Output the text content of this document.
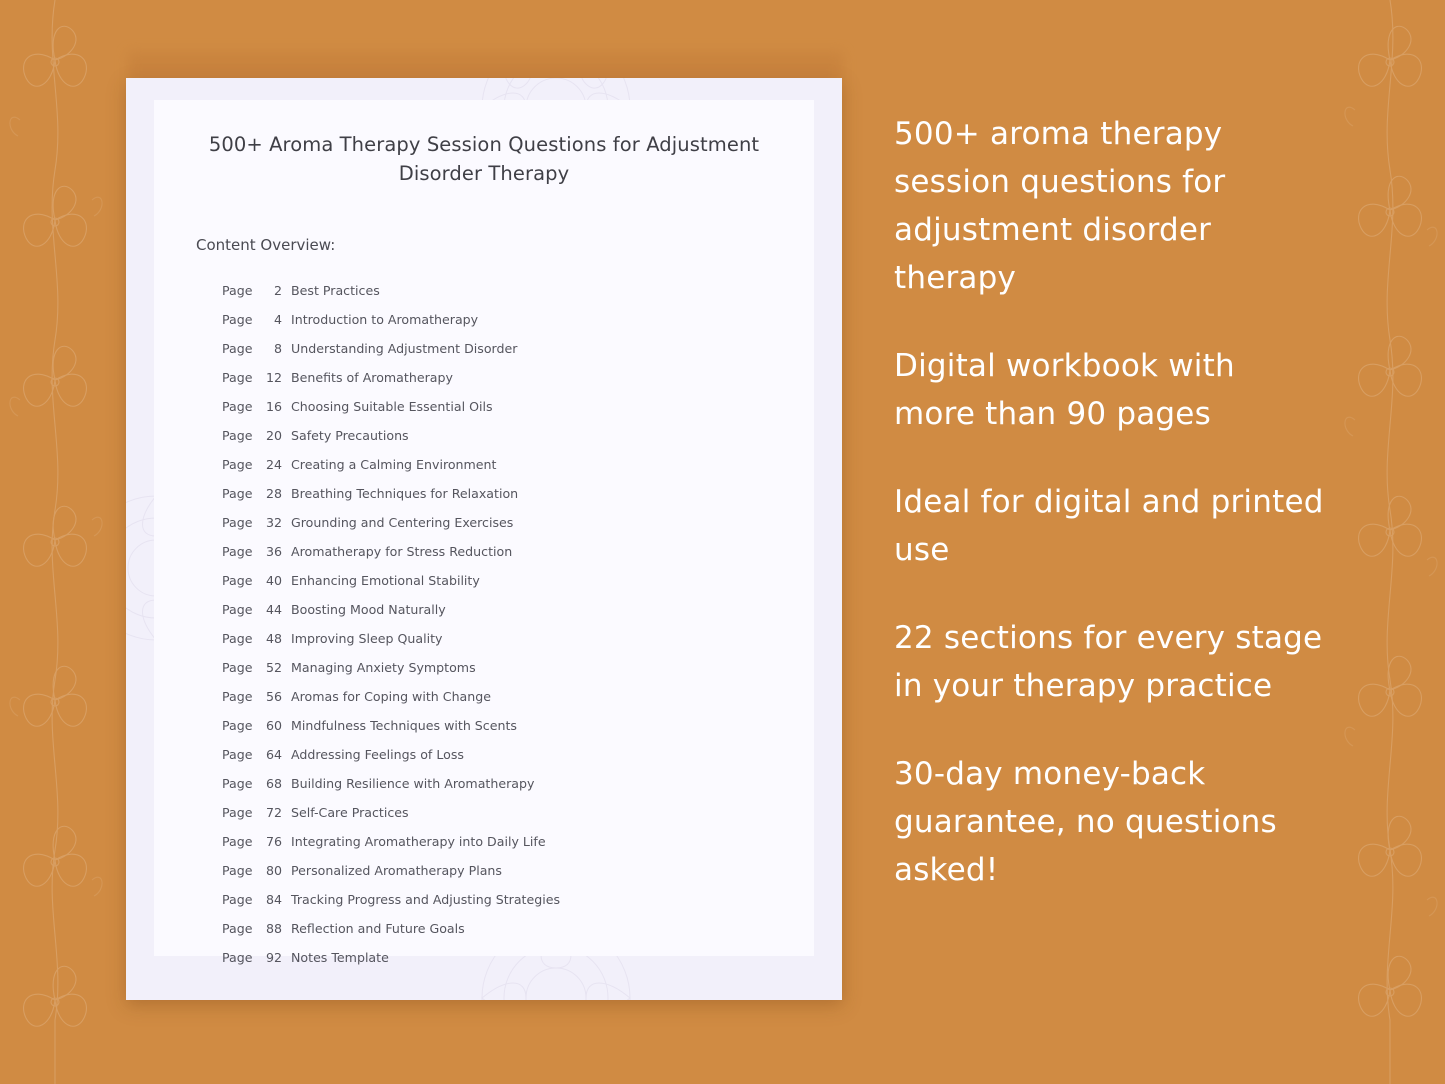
500+ Aroma Therapy Session Questions for Adjustment Disorder Therapy
Content Overview:
Page	2 Best Practices
Page	4 Introduction to Aromatherapy
Page	8 Understanding Adjustment Disorder
Page	12 Benefits of Aromatherapy
Page	16 Choosing Suitable Essential Oils
Page	20 Safety Precautions
Page	24 Creating a Calming Environment
Page	28 Breathing Techniques for Relaxation
Page	32 Grounding and Centering Exercises
Page	36 Aromatherapy for Stress Reduction
Page	40 Enhancing Emotional Stability
Page	44 Boosting Mood Naturally
Page	48 Improving Sleep Quality
Page	52 Managing Anxiety Symptoms
Page	56 Aromas for Coping with Change
Page	60 Mindfulness Techniques with Scents
Page	64 Addressing Feelings of Loss
Page	68 Building Resilience with Aromatherapy
Page	72 Self-Care Practices
Page	76 Integrating Aromatherapy into Daily Life
Page	80 Personalized Aromatherapy Plans
Page	84 Tracking Progress and Adjusting Strategies
Page	88 Reflection and Future Goals
Page	92 Notes Template
500+ aroma therapy session questions for adjustment disorder therapy
Digital workbook with more than 90 pages
Ideal for digital and printed use
22 sections for every stage in your therapy practice
30-day money-back guarantee, no questions asked!
